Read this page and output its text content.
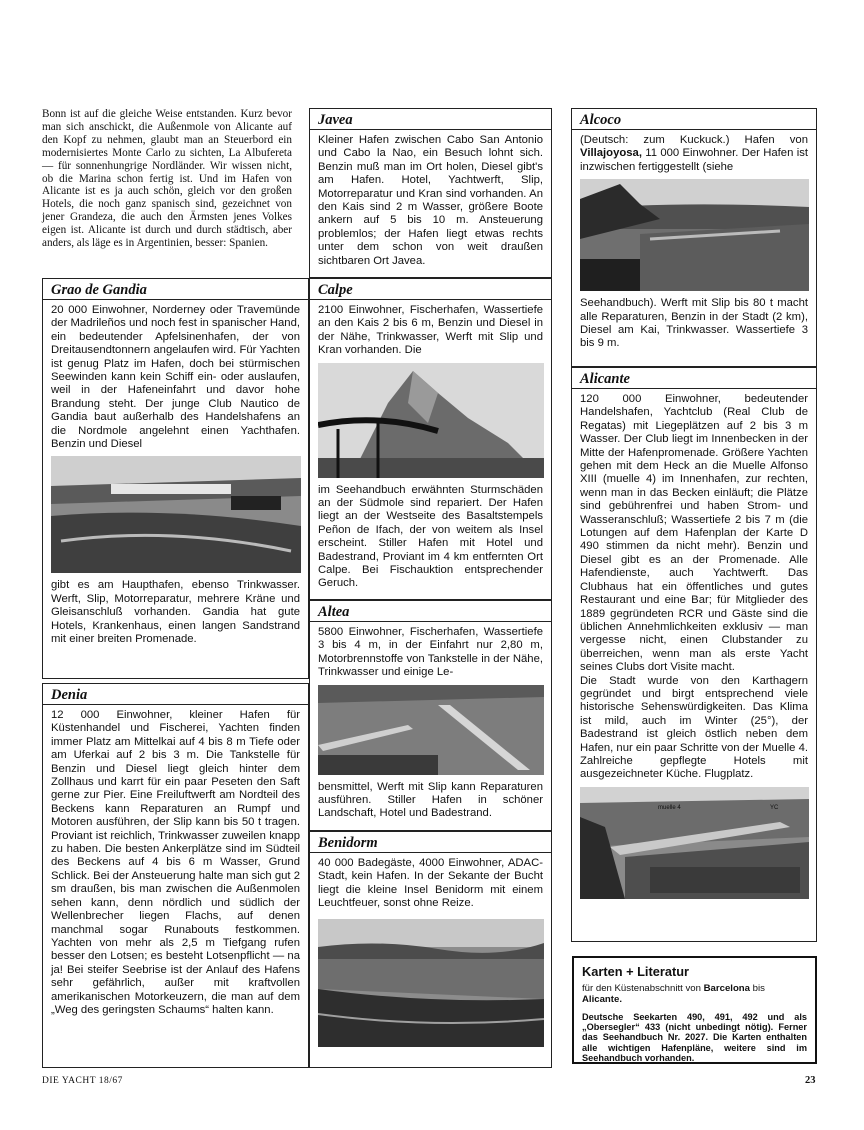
Bonn ist auf die gleiche Weise entstanden. Kurz bevor man sich anschickt, die Außenmole von Alicante auf den Kopf zu nehmen, glaubt man an Steuerbord ein modernisiertes Monte Carlo zu sichten, La Albufereta — für sonnenhungrige Nordländer. Wir wissen nicht, ob die Marina schon fertig ist. Und im Hafen von Alicante ist es ja auch schön, gleich vor den großen Hotels, die noch ganz spanisch sind, gezeichnet von jener Grandeza, die auch den Ärmsten jenes Volkes eigen ist. Alicante ist durch und durch städtisch, aber anders, als läge es in Argentinien, besser: Spanien.

Grao de Gandia

20 000 Einwohner, Norderney oder Travemünde der Madrileños und noch fest in spanischer Hand, ein bedeutender Apfelsinenhafen, der von Dreitausendtonnern angelaufen wird. Für Yachten ist genug Platz im Hafen, doch bei stürmischen Seewinden kann kein Schiff ein- oder auslaufen, weil in der Hafeneinfahrt und davor hohe Brandung steht. Der junge Club Nautico de Gandia baut außerhalb des Handelshafens an die Nordmole angelehnt einen Yachthafen. Benzin und Diesel

gibt es am Haupthafen, ebenso Trinkwasser. Werft, Slip, Motorreparatur, mehrere Kräne und Gleisanschluß vorhanden. Gandia hat gute Hotels, Krankenhaus, einen langen Sandstrand mit einer breiten Promenade.

Denia

12 000 Einwohner, kleiner Hafen für Küstenhandel und Fischerei, Yachten finden immer Platz am Mittelkai auf 4 bis 8 m Tiefe oder am Uferkai auf 2 bis 3 m. Die Tankstelle für Benzin und Diesel liegt gleich hinter dem Zollhaus und karrt für ein paar Peseten den Saft gerne zur Pier. Eine Freiluftwerft am Nordteil des Beckens kann Reparaturen an Rumpf und Motoren ausführen, der Slip kann bis 50 t tragen. Proviant ist reichlich, Trinkwasser zuweilen knapp zu haben. Die besten Ankerplätze sind im Südteil des Beckens auf 4 bis 6 m Wasser, Grund Schlick. Bei der Ansteuerung halte man sich gut 2 sm draußen, bis man zwischen die Außenmolen sehen kann, denn nördlich und südlich der Wellenbrecher liegen Flachs, auf denen manchmal sogar Runabouts festkommen. Yachten von mehr als 2,5 m Tiefgang rufen besser den Lotsen; es besteht Lotsenpflicht — na ja! Bei steifer Seebrise ist der Anlauf des Hafens sehr gefährlich, außer mit kraftvollen amerikanischen Motorkeuzern, die man auf dem „Weg des geringsten Schaums“ halten kann.

Javea

Kleiner Hafen zwischen Cabo San Antonio und Cabo la Nao, ein Besuch lohnt sich. Benzin muß man im Ort holen, Diesel gibt's am Hafen. Hotel, Yachtwerft, Slip, Motorreparatur und Kran sind vorhanden. An den Kais sind 2 m Wasser, größere Boote ankern auf 5 bis 10 m. Ansteuerung problemlos; der Hafen liegt etwas rechts unter dem schon von weit draußen sichtbaren Ort Javea.

Calpe

2100 Einwohner, Fischerhafen, Wassertiefe an den Kais 2 bis 6 m, Benzin und Diesel in der Nähe, Trinkwasser, Werft mit Slip und Kran vorhanden. Die

im Seehandbuch erwähnten Sturmschäden an der Südmole sind repariert. Der Hafen liegt an der Westseite des Basaltstempels Peñon de Ifach, der von weitem als Insel erscheint. Stiller Hafen mit Hotel und Badestrand, Proviant im 4 km entfernten Ort Calpe. Bei Fischauktion entsprechender Geruch.

Altea

5800 Einwohner, Fischerhafen, Wassertiefe 3 bis 4 m, in der Einfahrt nur 2,80 m, Motorbrennstoffe von Tankstelle in der Nähe, Trinkwasser und einige Le-

bensmittel, Werft mit Slip kann Reparaturen ausführen. Stiller Hafen in schöner Landschaft, Hotel und Badestrand.

Benidorm

40 000 Badegäste, 4000 Einwohner, ADAC-Stadt, kein Hafen. In der Sekante der Bucht liegt die kleine Insel Benidorm mit einem Leuchtfeuer, sonst ohne Reize.

Alcoco

(Deutsch: zum Kuckuck.) Hafen von Villajoyosa, 11 000 Einwohner. Der Hafen ist inzwischen fertiggestellt (siehe

Seehandbuch). Werft mit Slip bis 80 t macht alle Reparaturen, Benzin in der Stadt (2 km), Diesel am Kai, Trinkwasser. Wassertiefe 3 bis 9 m.

Alicante

120 000 Einwohner, bedeutender Handelshafen, Yachtclub (Real Club de Regatas) mit Liegeplätzen auf 2 bis 3 m Wasser. Der Club liegt im Innenbecken in der Mitte der Hafenpromenade. Größere Yachten gehen mit dem Heck an die Muelle Alfonso XIII (muelle 4) im Innenhafen, zur rechten, wenn man in das Becken einläuft; die Plätze sind gebührenfrei und haben Strom- und Wasseranschluß; Wassertiefe 2 bis 7 m (die Lotungen auf dem Hafenplan der Karte D 490 stimmen da nicht mehr). Benzin und Diesel gibt es an der Promenade. Alle Hafendienste, auch Yachtwerft. Das Clubhaus hat ein öffentliches und gutes Restaurant und eine Bar; für Mitglieder des 1889 gegründeten RCR und Gäste sind die üblichen Annehmlichkeiten exklusiv — man vergesse nicht, einen Clubstander zu überreichen, wenn man als erste Yacht seines Clubs dort Visite macht.

Die Stadt wurde von den Karthagern gegründet und birgt entsprechend viele historische Sehenswürdigkeiten. Das Klima ist mild, auch im Winter (25°), der Badestrand ist gleich östlich neben dem Hafen, nur ein paar Schritte von der Muelle 4. Zahlreiche gepflegte Hotels mit ausgezeichneter Küche. Flugplatz.

muelle 4	YC
Karten + Literatur

für den Küstenabschnitt von Barcelona bis Alicante.

Deutsche Seekarten 490, 491, 492 und als „Obersegler“ 433 (nicht unbedingt nötig). Ferner das Seehandbuch Nr. 2027. Die Karten enthalten alle wichtigen Hafenpläne, weitere sind im Seehandbuch vorhanden.

DIE YACHT 18/67	23
